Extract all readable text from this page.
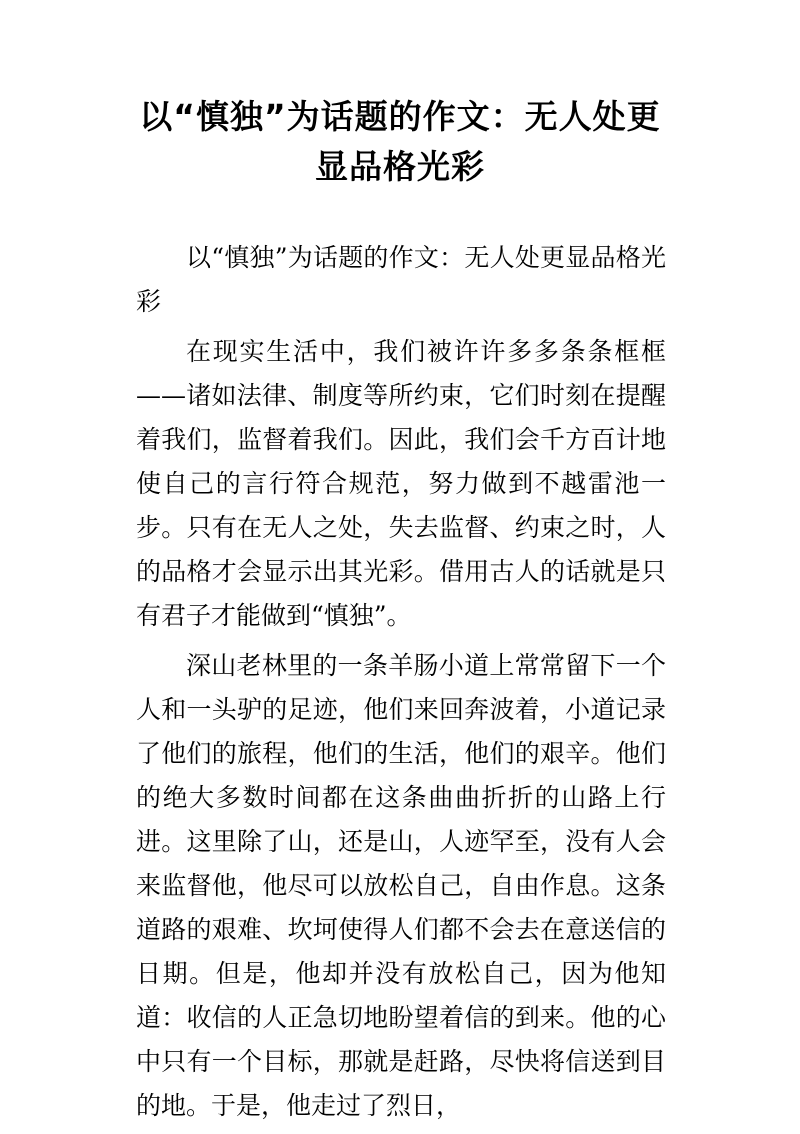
以“慎独”为话题的作文：无人处更显品格光彩

以“慎独”为话题的作文：无人处更显品格光彩

在现实生活中，我们被许许多多条条框框——诸如法律、制度等所约束，它们时刻在提醒着我们，监督着我们。因此，我们会千方百计地使自己的言行符合规范，努力做到不越雷池一步。只有在无人之处，失去监督、约束之时，人的品格才会显示出其光彩。借用古人的话就是只有君子才能做到“慎独”。

深山老林里的一条羊肠小道上常常留下一个人和一头驴的足迹，他们来回奔波着，小道记录了他们的旅程，他们的生活，他们的艰辛。他们的绝大多数时间都在这条曲曲折折的山路上行进。这里除了山，还是山，人迹罕至，没有人会来监督他，他尽可以放松自己，自由作息。这条道路的艰难、坎坷使得人们都不会去在意送信的日期。但是，他却并没有放松自己，因为他知道：收信的人正急切地盼望着信的到来。他的心中只有一个目标，那就是赶路，尽快将信送到目的地。于是，他走过了烈日，
